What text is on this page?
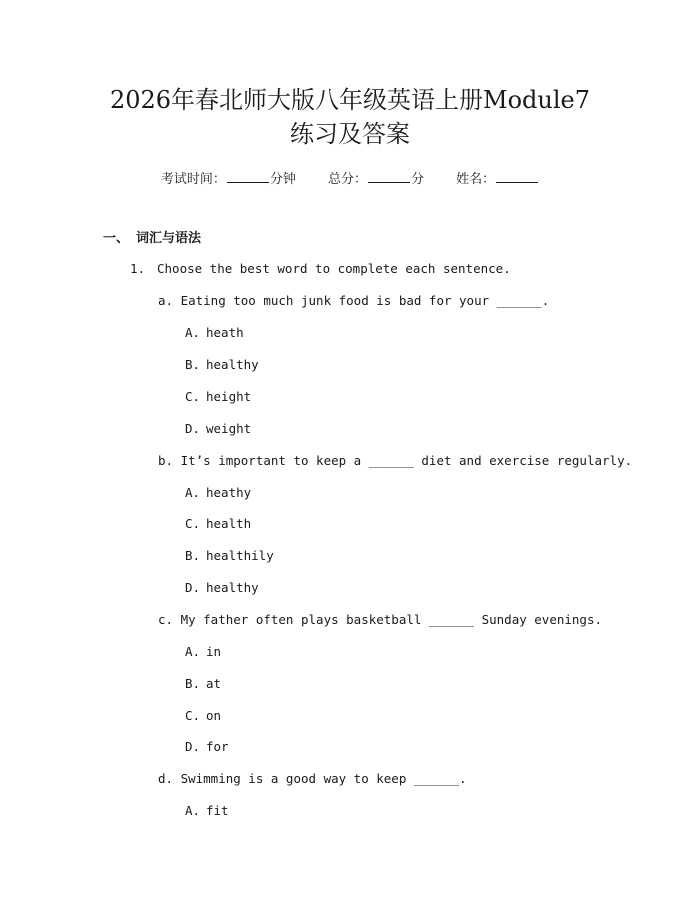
2026年春北师大版八年级英语上册Module7
练习及答案
考试时间：	分钟 总分：	分 姓名：
一、 词汇与语法
1. Choose the best word to complete each sentence.
a. Eating too much junk food is bad for your ______.
A. heath
B. healthy
C. height
D. weight
b. It’s important to keep a ______ diet and exercise regularly.
A. heathy
C. health
B. healthily
D. healthy
c. My father often plays basketball ______ Sunday evenings.
A. in
B. at
C. on
D. for
d. Swimming is a good way to keep ______.
A. fit
